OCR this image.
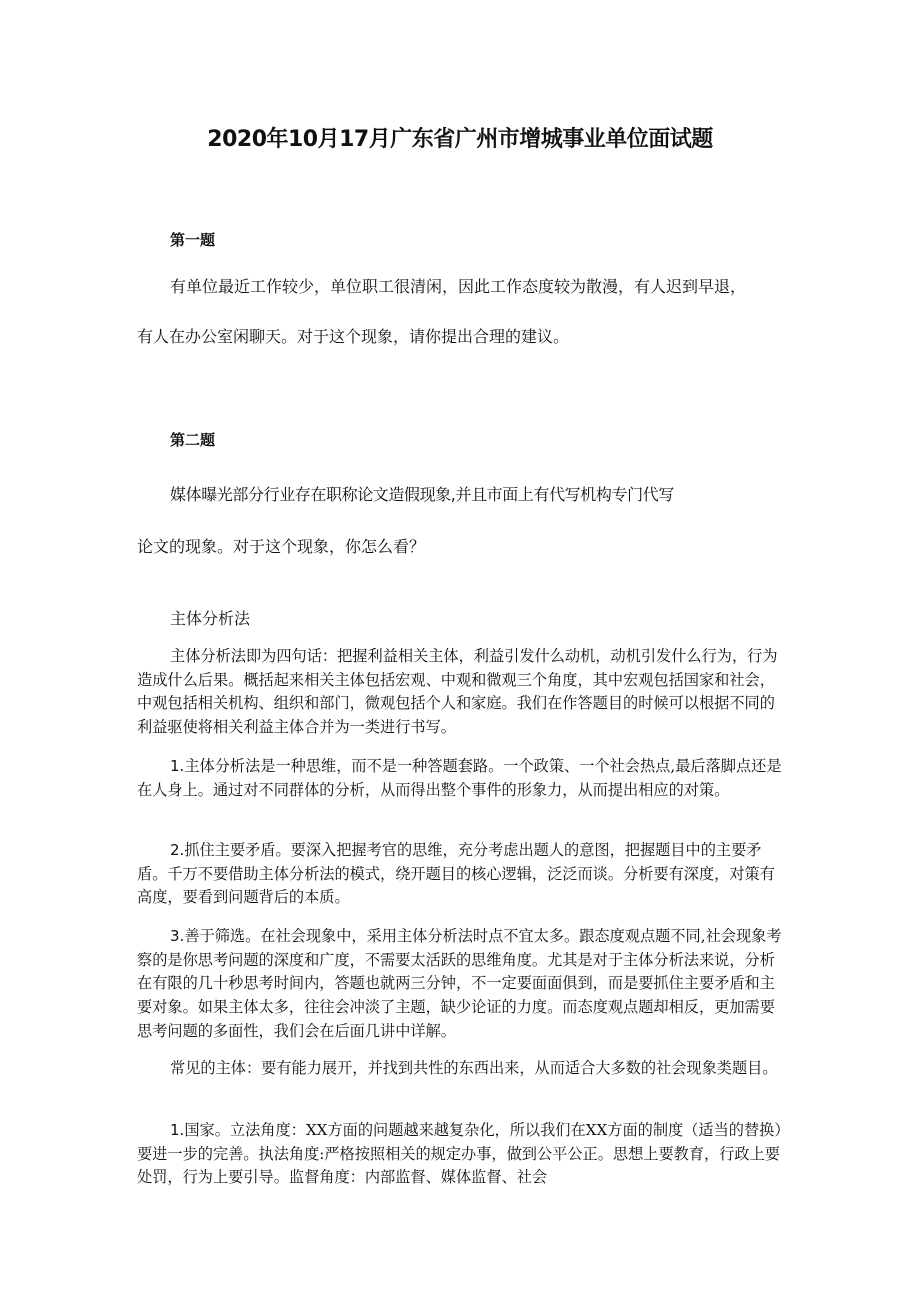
2020年10月17月广东省广州市增城事业单位面试题
第一题
有单位最近工作较少，单位职工很清闲，因此工作态度较为散漫，有人迟到早退，
有人在办公室闲聊天。对于这个现象，请你提出合理的建议。
第二题
媒体曝光部分行业存在职称论文造假现象,并且市面上有代写机构专门代写
论文的现象。对于这个现象，你怎么看？
主体分析法

主体分析法即为四句话：把握利益相关主体，利益引发什么动机，动机引发什么行为，行为造成什么后果。概括起来相关主体包括宏观、中观和微观三个角度，其中宏观包括国家和社会，中观包括相关机构、组织和部门，微观包括个人和家庭。我们在作答题目的时候可以根据不同的利益驱使将相关利益主体合并为一类进行书写。

1.主体分析法是一种思维，而不是一种答题套路。一个政策、一个社会热点,最后落脚点还是在人身上。通过对不同群体的分析，从而得出整个事件的形象力，从而提出相应的对策。

2.抓住主要矛盾。要深入把握考官的思维，充分考虑出题人的意图，把握题目中的主要矛盾。千万不要借助主体分析法的模式，绕开题目的核心逻辑，泛泛而谈。分析要有深度，对策有高度，要看到问题背后的本质。

3.善于筛选。在社会现象中，采用主体分析法时点不宜太多。跟态度观点题不同,社会现象考察的是你思考问题的深度和广度，不需要太活跃的思维角度。尤其是对于主体分析法来说，分析在有限的几十秒思考时间内，答题也就两三分钟，不一定要面面俱到，而是要抓住主要矛盾和主要对象。如果主体太多，往往会冲淡了主题，缺少论证的力度。而态度观点题却相反，更加需要思考问题的多面性，我们会在后面几讲中详解。

常见的主体：要有能力展开，并找到共性的东西出来，从而适合大多数的社会现象类题目。

1.国家。立法角度：XX方面的问题越来越复杂化，所以我们在XX方面的制度（适当的替换）要进一步的完善。执法角度:严格按照相关的规定办事，做到公平公正。思想上要教育，行政上要处罚，行为上要引导。监督角度：内部监督、媒体监督、社会
